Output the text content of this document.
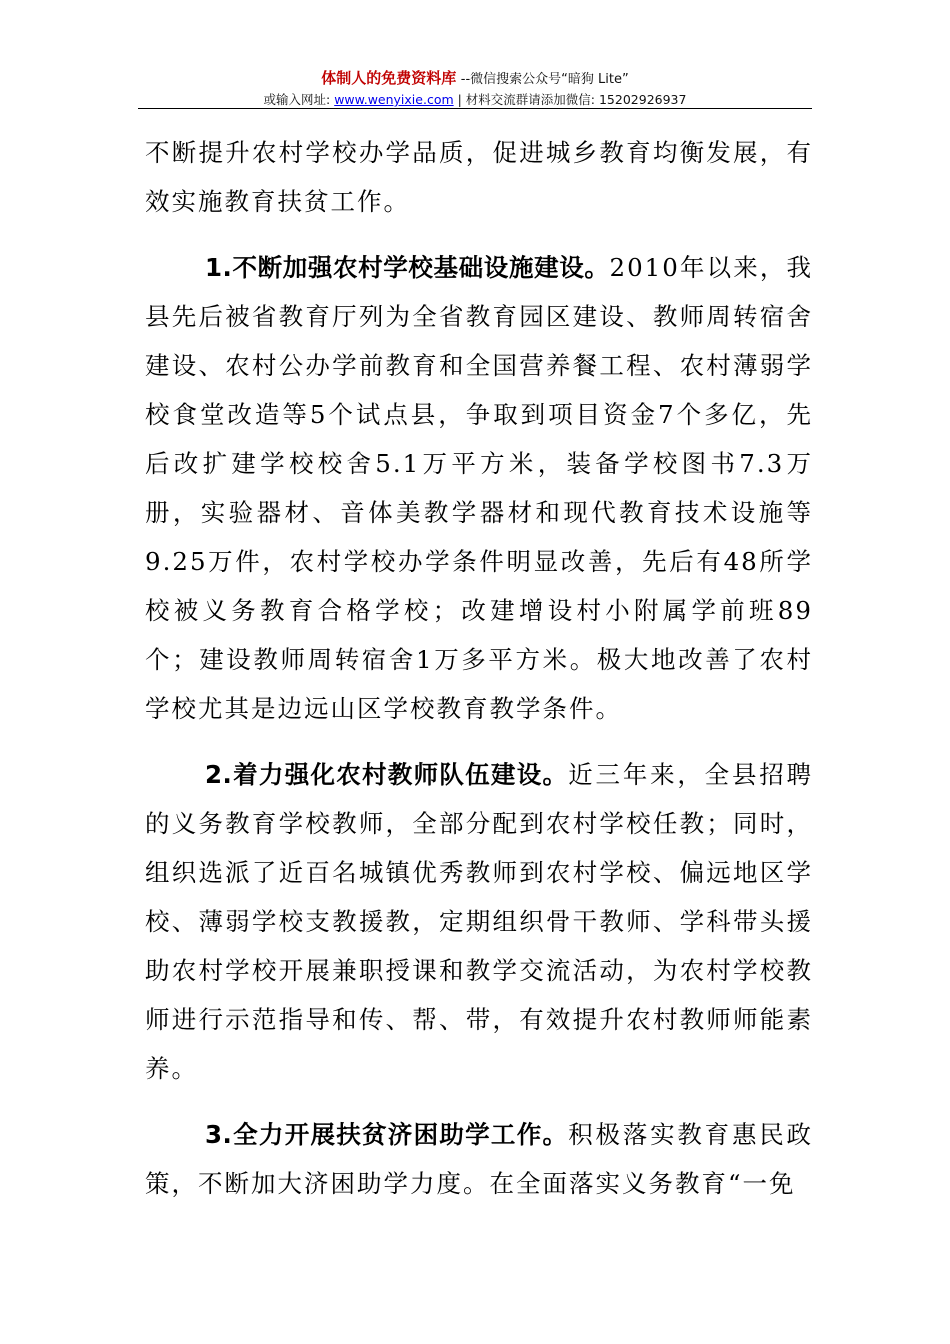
体制人的免费资料库 --微信搜索公众号“暗狗 Lite”
或输入网址: www.wenyixie.com | 材料交流群请添加微信: 15202926937

不断提升农村学校办学品质，促进城乡教育均衡发展，有效实施教育扶贫工作。

1.不断加强农村学校基础设施建设。2010年以来，我县先后被省教育厅列为全省教育园区建设、教师周转宿舍建设、农村公办学前教育和全国营养餐工程、农村薄弱学校食堂改造等5个试点县，争取到项目资金7个多亿，先后改扩建学校校舍5.1万平方米，装备学校图书7.3万册，实验器材、音体美教学器材和现代教育技术设施等9.25万件，农村学校办学条件明显改善，先后有48所学校被义务教育合格学校；改建增设村小附属学前班89个；建设教师周转宿舍1万多平方米。极大地改善了农村学校尤其是边远山区学校教育教学条件。

2.着力强化农村教师队伍建设。近三年来，全县招聘的义务教育学校教师，全部分配到农村学校任教；同时，组织选派了近百名城镇优秀教师到农村学校、偏远地区学校、薄弱学校支教援教，定期组织骨干教师、学科带头援助农村学校开展兼职授课和教学交流活动，为农村学校教师进行示范指导和传、帮、带，有效提升农村教师师能素养。

3.全力开展扶贫济困助学工作。积极落实教育惠民政策，不断加大济困助学力度。在全面落实义务教育“一免
